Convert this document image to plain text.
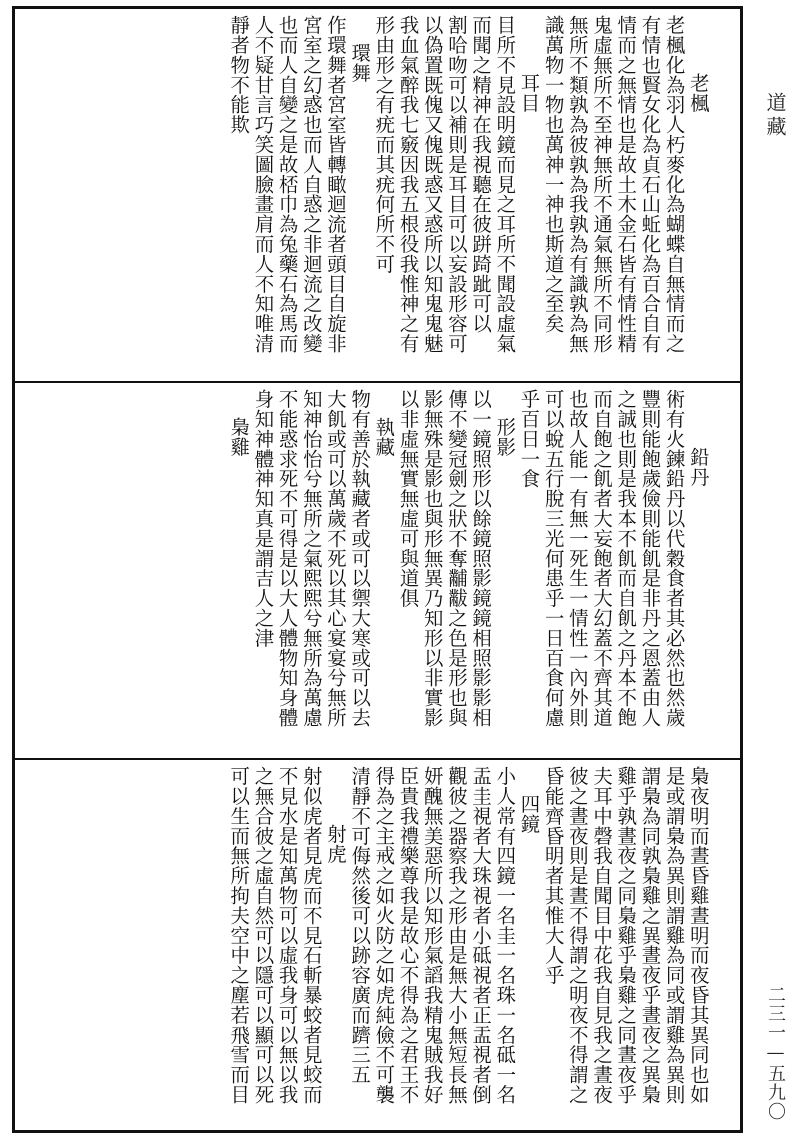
道藏
二三一—五九〇
老楓
老楓化為羽人朽麥化為蝴蝶自無情而之
有情也賢女化為貞石山蚯化為百合自有
情而之無情也是故土木金石皆有情性精
鬼虛無所不至神無所不通氣無所不同形
無所不類孰為彼孰為我孰為有識孰為無
識萬物一物也萬神一神也斯道之至矣
耳目
目所不見設明鏡而見之耳所不聞設虛氣
而聞之精神在我視聽在彼跰踦跐可以
割哈吻可以補則是耳目可以妄設形容可
以偽置既傀又傀既惑又惑所以知鬼鬼魅
我血氣醉我七竅因我五根役我惟神之有
形由形之有疣而其疣何所不可
環舞
作環舞者宮室皆轉瞰迴流者頭目自旋非
宮室之幻惑也而人自惑之非迴流之改變
也而人自變之是故桮巾為兔藥石為馬而
人不疑甘言巧笑圖臉畫肩而人不知唯清
靜者物不能欺
鉛丹
術有火鍊鉛丹以代穀食者其必然也然歲
豐則能飽歲儉則能飢是非丹之恩蓋由人
之誠也則是我本不飢而自飢之丹本不飽
而自飽之飢者大妄飽者大幻蓋不齊其道
也故人能一有無一死生一情性一內外則
可以蛻五行脫三光何患乎一日百食何慮
乎百日一食
形影
以一鏡照形以餘鏡照影鏡鏡相照影影相
傳不變冠劍之狀不奪黼黻之色是形也與
影無殊是影也與形無異乃知形以非實影
以非虛無實無虛可與道俱
執藏
物有善於執藏者或可以禦大寒或可以去
大飢或可以萬歲不死以其心宴宴兮無所
知神怡怡兮無所之氣熙熙兮無所為萬慮
不能惑求死不可得是以大人體物知身體
身知神體神知真是謂吉人之津
梟雞
梟夜明而晝昏雞晝明而夜昏其異同也如
是或謂梟為異則謂雞為同或謂雞為異則
謂梟為同孰梟雞之異晝夜乎晝夜之異梟
雞乎孰晝夜之同梟雞乎梟雞之同晝夜乎
夫耳中磬我自聞目中花我自見我之晝夜
彼之晝夜則是晝不得謂之明夜不得謂之
昏能齊昏明者其惟大人乎
四鏡
小人常有四鏡一名圭一名珠一名砥一名
盂圭視者大珠視者小砥視者正盂視者倒
觀彼之器察我之形由是無大小無短長無
妍醜無美惡所以知形氣謟我精鬼賊我好
臣貴我禮樂尊我是故心不得為之君王不
得為之主戒之如火防之如虎純儉不可襲
清靜不可侮然後可以跡容廣而躋三五
射虎
射似虎者見虎而不見石斬暴蛟者見蛟而
不見水是知萬物可以虛我身可以無以我
之無合彼之虛自然可以隱可以顯可以死
可以生而無所拘夫空中之塵若飛雪而目
